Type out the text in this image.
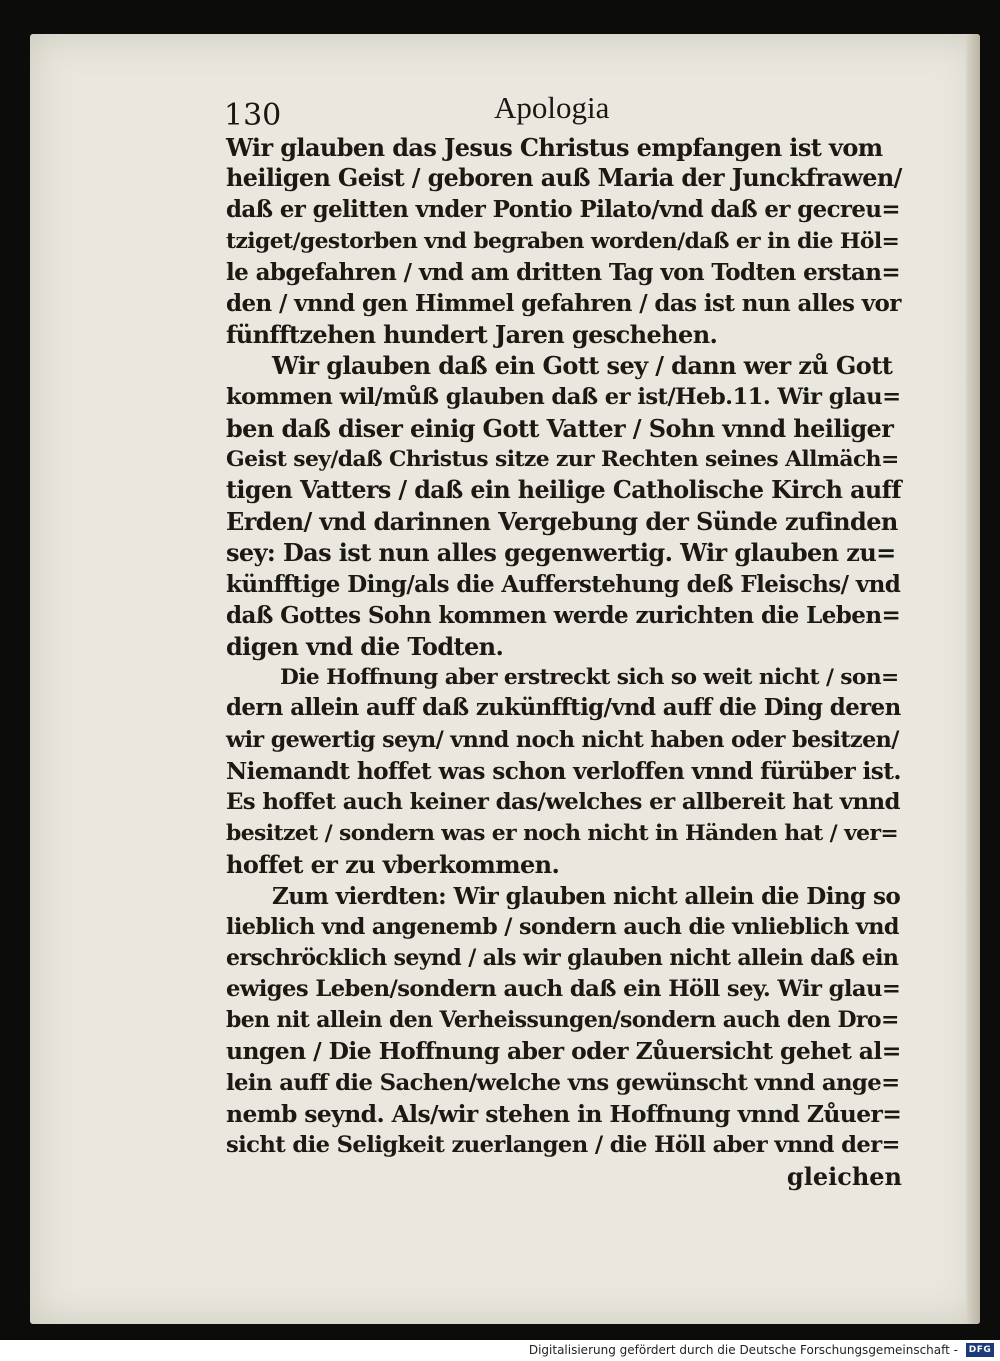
130	Apologia
Wir glauben das Jesus Christus empfangen ist vom
heiligen Geist / geboren auß Maria der Junckfrawen/
daß er gelitten vnder Pontio Pilato/vnd daß er gecreu=
tziget/gestorben vnd begraben worden/daß er in die Höl=
le abgefahren / vnd am dritten Tag von Todten erstan=
den / vnnd gen Himmel gefahren / das ist nun alles vor
fünfftzehen hundert Jaren geschehen.
Wir glauben daß ein Gott sey / dann wer zů Gott
kommen wil/můß glauben daß er ist/Heb.11. Wir glau=
ben daß diser einig Gott Vatter / Sohn vnnd heiliger
Geist sey/daß Christus sitze zur Rechten seines Allmäch=
tigen Vatters / daß ein heilige Catholische Kirch auff
Erden/ vnd darinnen Vergebung der Sünde zufinden
sey: Das ist nun alles gegenwertig. Wir glauben zu=
künfftige Ding/als die Aufferstehung deß Fleischs/ vnd
daß Gottes Sohn kommen werde zurichten die Leben=
digen vnd die Todten.
Die Hoffnung aber erstreckt sich so weit nicht / son=
dern allein auff daß zukünfftig/vnd auff die Ding deren
wir gewertig seyn/ vnnd noch nicht haben oder besitzen/
Niemandt hoffet was schon verloffen vnnd fürüber ist.
Es hoffet auch keiner das/welches er allbereit hat vnnd
besitzet / sondern was er noch nicht in Händen hat / ver=
hoffet er zu vberkommen.
Zum vierdten: Wir glauben nicht allein die Ding so
lieblich vnd angenemb / sondern auch die vnlieblich vnd
erschröcklich seynd / als wir glauben nicht allein daß ein
ewiges Leben/sondern auch daß ein Höll sey. Wir glau=
ben nit allein den Verheissungen/sondern auch den Dro=
ungen / Die Hoffnung aber oder Zůuersicht gehet al=
lein auff die Sachen/welche vns gewünscht vnnd ange=
nemb seynd. Als/wir stehen in Hoffnung vnnd Zůuer=
sicht die Seligkeit zuerlangen / die Höll aber vnnd der=
gleichen
Digitalisierung gefördert durch die Deutsche Forschungsgemeinschaft -	DFG
